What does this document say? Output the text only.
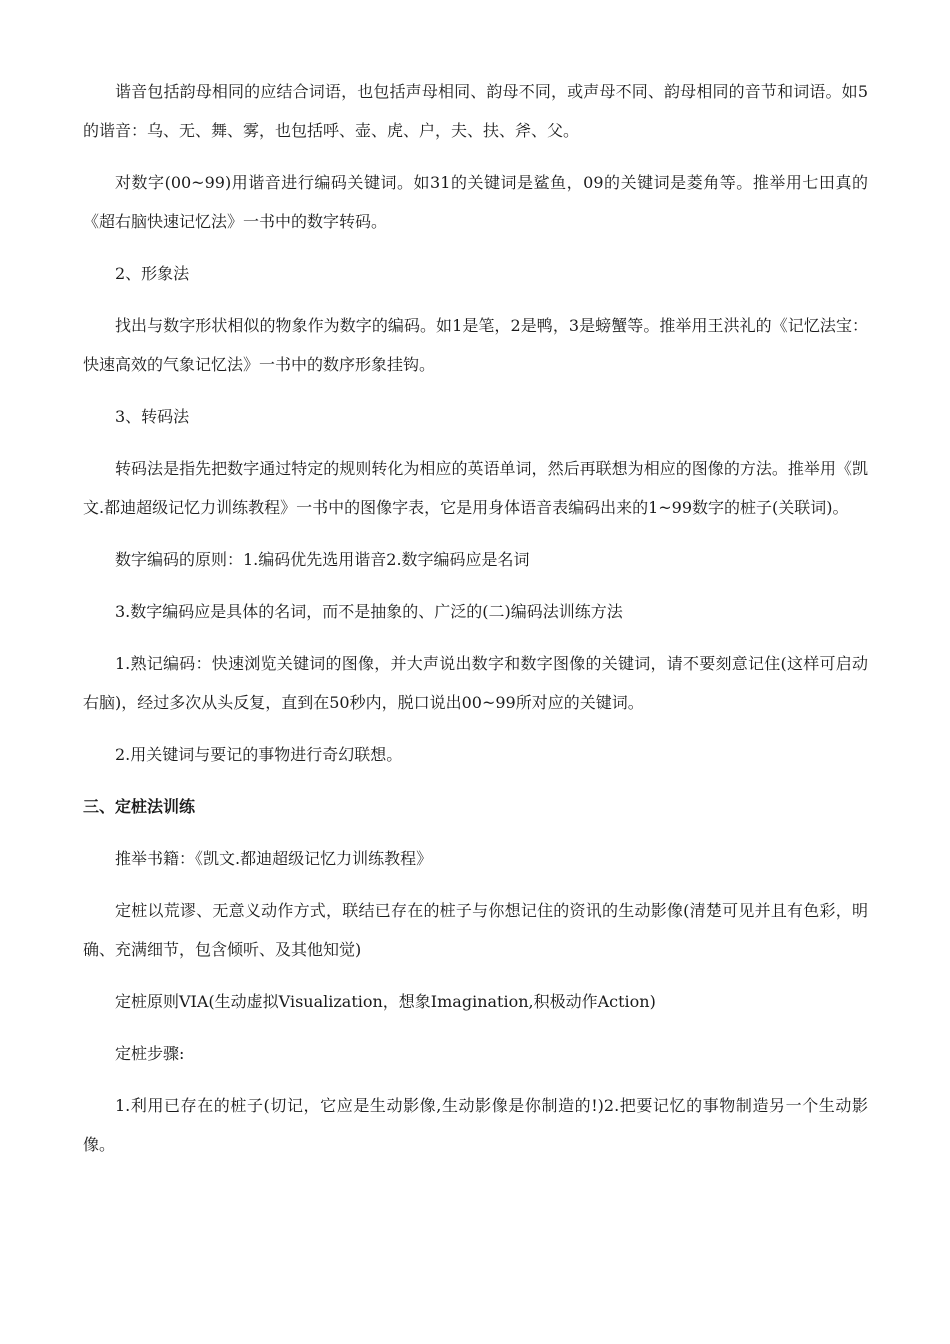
谐音包括韵母相同的应结合词语，也包括声母相同、韵母不同，或声母不同、韵母相同的音节和词语。如5的谐音：乌、无、舞、雾，也包括呼、壶、虎、户，夫、扶、斧、父。

对数字(00~99)用谐音进行编码关键词。如31的关键词是鲨鱼，09的关键词是菱角等。推举用七田真的《超右脑快速记忆法》一书中的数字转码。

2、形象法

找出与数字形状相似的物象作为数字的编码。如1是笔，2是鸭，3是螃蟹等。推举用王洪礼的《记忆法宝：快速高效的气象记忆法》一书中的数序形象挂钩。

3、转码法

转码法是指先把数字通过特定的规则转化为相应的英语单词，然后再联想为相应的图像的方法。推举用《凯文.都迪超级记忆力训练教程》一书中的图像字表，它是用身体语音表编码出来的1~99数字的桩子(关联词)。

数字编码的原则：1.编码优先选用谐音2.数字编码应是名词

3.数字编码应是具体的名词，而不是抽象的、广泛的(二)编码法训练方法

1.熟记编码：快速浏览关键词的图像，并大声说出数字和数字图像的关键词，请不要刻意记住(这样可启动右脑)，经过多次从头反复，直到在50秒内，脱口说出00~99所对应的关键词。

2.用关键词与要记的事物进行奇幻联想。

三、定桩法训练

推举书籍：《凯文.都迪超级记忆力训练教程》

定桩以荒谬、无意义动作方式，联结已存在的桩子与你想记住的资讯的生动影像(清楚可见并且有色彩，明确、充满细节，包含倾听、及其他知觉)

定桩原则VIA(生动虚拟Visualization，想象Imagination,积极动作Action)

定桩步骤:

1.利用已存在的桩子(切记，它应是生动影像,生动影像是你制造的!)2.把要记忆的事物制造另一个生动影像。
